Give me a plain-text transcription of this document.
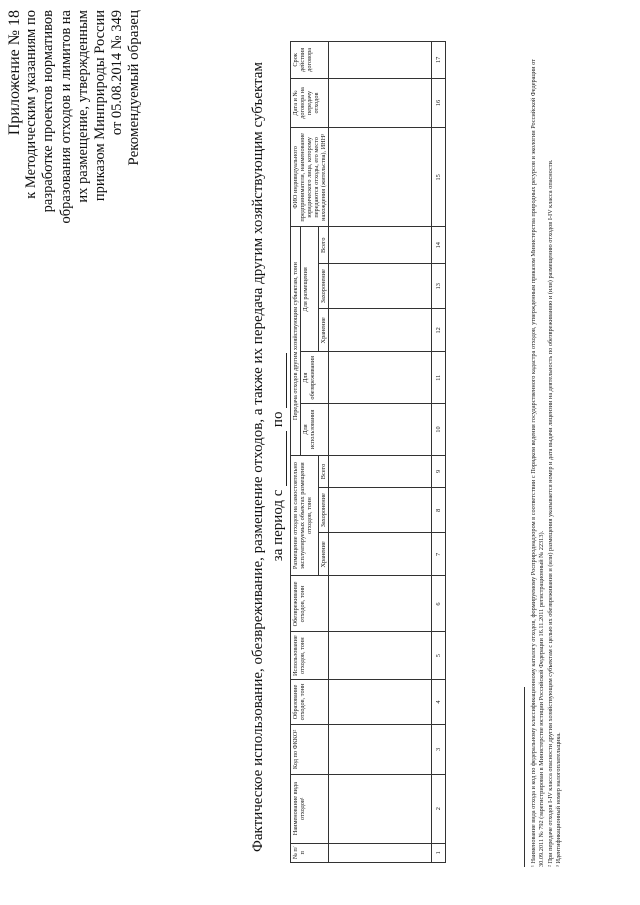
Приложение № 18 к Методическим указаниям по разработке проектов нормативов образования отходов и лимитов на их размещение, утвержденным приказом Минприроды России от 05.08.2014 № 349 Рекомендуемый образец	Фактическое использование, обезвреживание, размещение отходов, а также их передача другим хозяйствующим субъектам за период с  по
№ п/п	Наименование вида отходов¹	Код по ФККО²	Образование отходов, тонн	Использование отходов, тонн	Обезвреживание отходов, тонн	Размещение отходов на самостоятельно эксплуатируемых объектах размещения отходов, тонн			Передача отходов другим хозяйствующим субъектам, тонн					ФИО индивидуального предпринимателя, наименование юридического лица, которому передаются отходы, его место нахождения (жительства), ИНН³	Дата и № договора на передачу отходов	Срок действия договора
									Для использования	Для обезвреживания	Для размещения					
						Хранение	Захоронение	Всего			Хранение	Захоронение	Всего			

1	2	3	4	5	6	7	8	9	10	11	12	13	14	15	16	17	¹ Наименование вида отхода и код по федеральному классификационному каталогу отходов, формируемому Росприроднадзором в соответствии с Порядком ведения государственного кадастра отходов, утвержденным приказом Министерства природных ресурсов и экологии Российской Федерации от 30.09.2011 № 792 (зарегистрирован в Министерстве юстиции Российской Федерации 16.11.2011 регистрационный № 22313). ² При передаче отходов I-IV класса опасности другим хозяйствующим субъектам с целью их обезвреживания и (или) размещения указывается номер и дата выдачи лицензии на деятельность по обезвреживанию и (или) размещению отходов I-IV класса опасности. ³ Идентификационный номер налогоплательщика.
